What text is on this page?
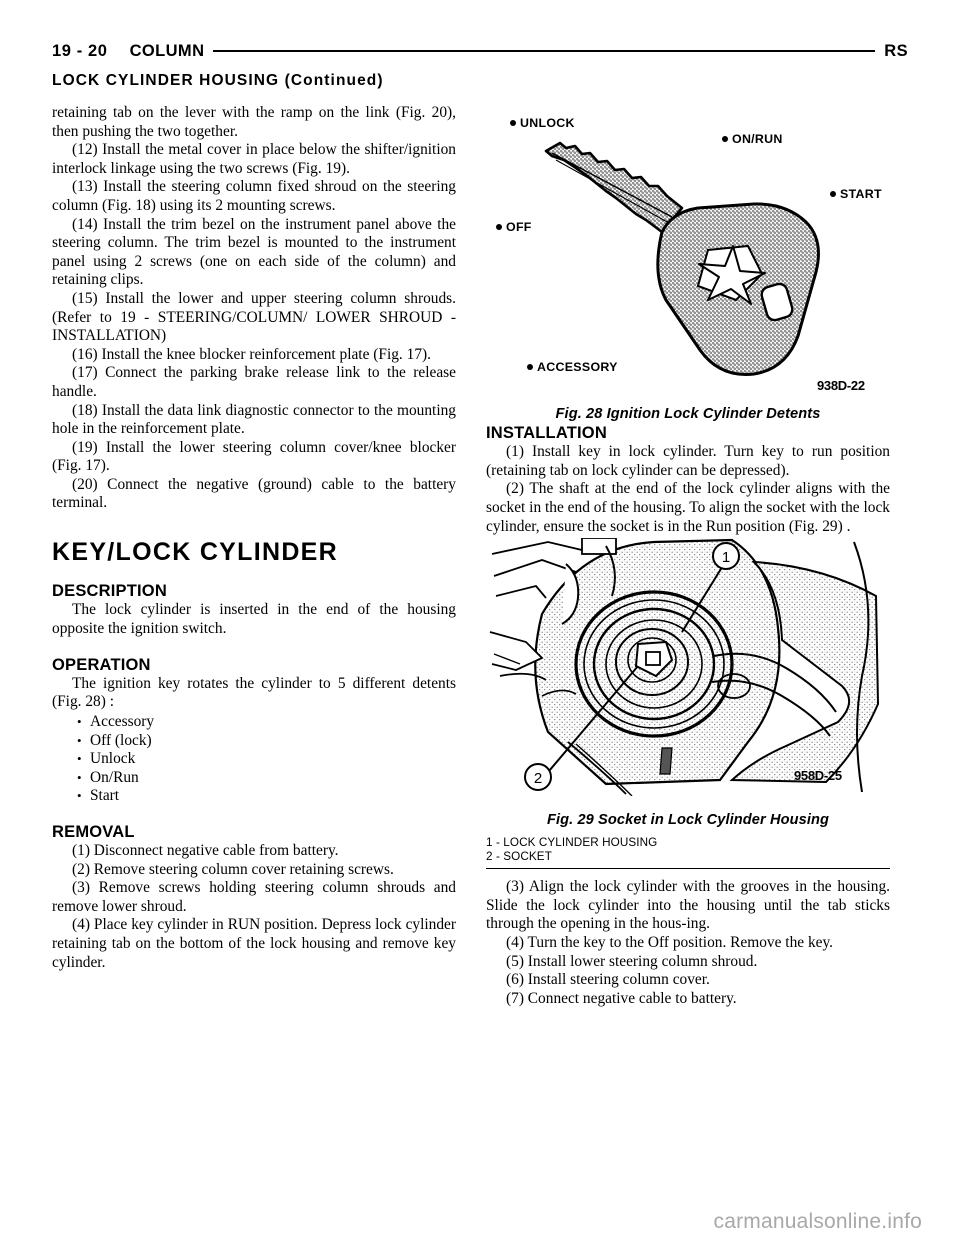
19 - 20 COLUMN	RS
LOCK CYLINDER HOUSING (Continued)

retaining tab on the lever with the ramp on the link (Fig. 20), then pushing the two together.

(12) Install the metal cover in place below the shifter/ignition interlock linkage using the two screws (Fig. 19).

(13) Install the steering column fixed shroud on the steering column (Fig. 18) using its 2 mounting screws.

(14) Install the trim bezel on the instrument panel above the steering column. The trim bezel is mounted to the instrument panel using 2 screws (one on each side of the column) and retaining clips.

(15) Install the lower and upper steering column shrouds. (Refer to 19 - STEERING/COLUMN/ LOWER SHROUD - INSTALLATION)

(16) Install the knee blocker reinforcement plate (Fig. 17).

(17) Connect the parking brake release link to the release handle.

(18) Install the data link diagnostic connector to the mounting hole in the reinforcement plate.

(19) Install the lower steering column cover/knee blocker (Fig. 17).

(20) Connect the negative (ground) cable to the battery terminal.

KEY/LOCK CYLINDER
DESCRIPTION

The lock cylinder is inserted in the end of the housing opposite the ignition switch.

OPERATION

The ignition key rotates the cylinder to 5 different detents (Fig. 28) :

• Accessory
• Off (lock)
• Unlock
• On/Run
• Start
REMOVAL

(1) Disconnect negative cable from battery.

(2) Remove steering column cover retaining screws.

(3) Remove screws holding steering column shrouds and remove lower shroud.

(4) Place key cylinder in RUN position. Depress lock cylinder retaining tab on the bottom of the lock housing and remove key cylinder.

UNLOCK
ON/RUN
START
OFF
ACCESSORY
938D-22

Fig. 28 Ignition Lock Cylinder Detents

INSTALLATION

(1) Install key in lock cylinder. Turn key to run position (retaining tab on lock cylinder can be depressed).

(2) The shaft at the end of the lock cylinder aligns with the socket in the end of the housing. To align the socket with the lock cylinder, ensure the socket is in the Run position (Fig. 29) .

1
2	958D-25

Fig. 29 Socket in Lock Cylinder Housing

1 - LOCK CYLINDER HOUSING
2 - SOCKET

(3) Align the lock cylinder with the grooves in the housing. Slide the lock cylinder into the housing until the tab sticks through the opening in the hous-ing.

(4) Turn the key to the Off position. Remove the key.

(5) Install lower steering column shroud.

(6) Install steering column cover.

(7) Connect negative cable to battery.

carmanualsonline.info
